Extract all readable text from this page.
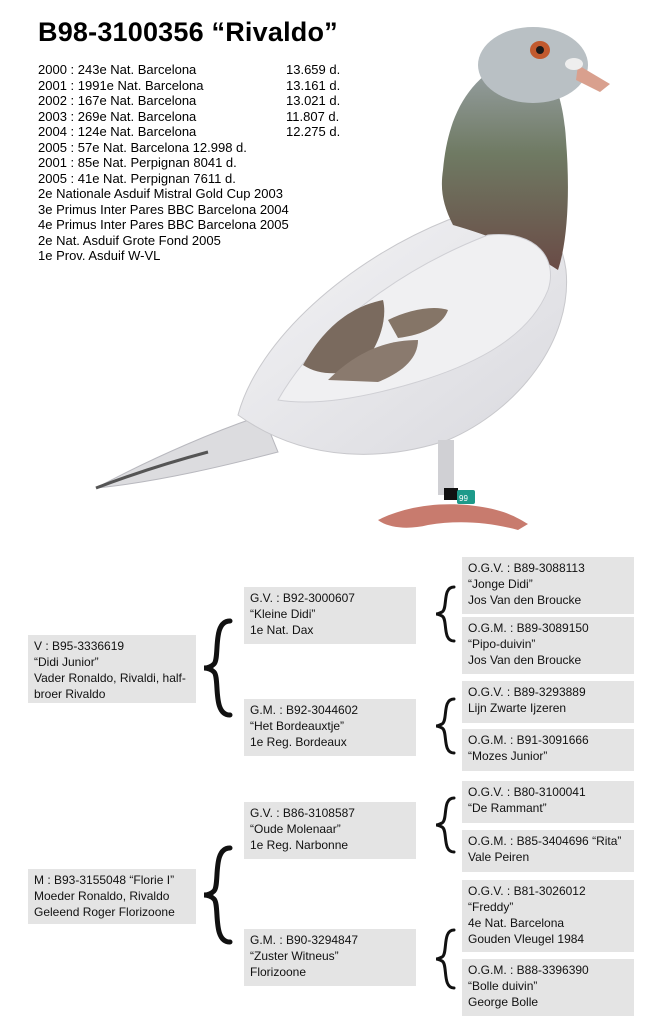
B98-3100356 “Rivaldo”
2000 : 243e Nat. Barcelona	13.659 d.
2001 : 1991e Nat. Barcelona	13.161 d.
2002 : 167e Nat. Barcelona	13.021 d.
2003 : 269e Nat. Barcelona	11.807 d.
2004 : 124e Nat. Barcelona	12.275 d.
2005 : 57e Nat. Barcelona 12.998 d.
2001 : 85e Nat. Perpignan 8041 d.
2005 : 41e Nat. Perpignan 7611 d.
2e Nationale Asduif Mistral Gold Cup 2003
3e Primus Inter Pares BBC Barcelona 2004
4e Primus Inter Pares BBC Barcelona 2005
2e Nat. Asduif Grote Fond 2005
1e Prov. Asduif W-VL
99
V : B95-3336619
“Didi Junior”
Vader Ronaldo, Rivaldi, half-
broer Rivaldo
M : B93-3155048 “Florie I”
Moeder Ronaldo, Rivaldo
Geleend Roger Florizoone
G.V. : B92-3000607
“Kleine Didi”
1e Nat. Dax
G.M. : B92-3044602
“Het Bordeauxtje”
1e Reg. Bordeaux
G.V. : B86-3108587
“Oude Molenaar”
1e Reg. Narbonne
G.M. : B90-3294847
“Zuster Witneus”
Florizoone
O.G.V. : B89-3088113
“Jonge Didi”
Jos Van den Broucke
O.G.M. : B89-3089150
“Pipo-duivin”
Jos Van den Broucke
O.G.V. : B89-3293889
Lijn Zwarte Ijzeren
O.G.M. : B91-3091666
“Mozes Junior”
O.G.V. : B80-3100041
“De Rammant”
O.G.M. : B85-3404696 “Rita”
Vale Peiren
O.G.V. : B81-3026012
“Freddy”
4e Nat. Barcelona
Gouden Vleugel 1984
O.G.M. : B88-3396390
“Bolle duivin”
George Bolle
